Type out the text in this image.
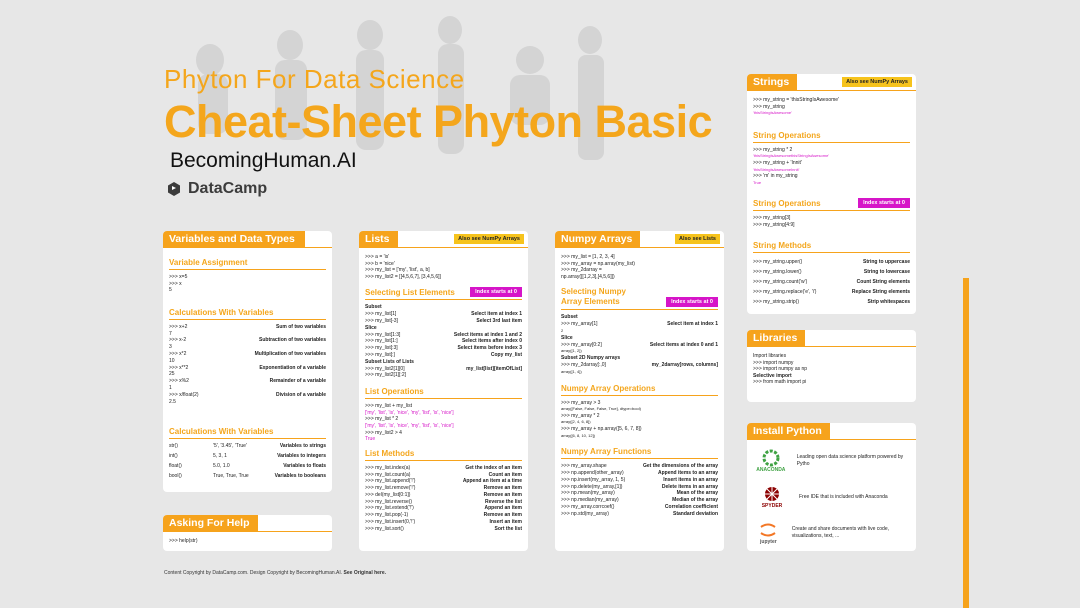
Phyton For Data Science
Cheat-Sheet Phyton Basic
BecomingHuman.AI
DataCamp
Variables and Data Types
Variable Assignment
>>> x=5
>>> x
5
Calculations With Variables
>>> x+2	Sum of two variables
7
>>> x-2	Subtraction of two variables
3
>>> x*2	Multiplication of two variables
10
>>> x**2	Exponentiation of a variable
25
>>> x%2	Remainder of a variable
1
>>> x/float(2)	Division of a variable
2.5
Calculations With Variables
str()	'5', '3.45', 'True'	Variables to strings
int()	5, 3, 1	Variables to integers
float()	5.0, 1.0	Variables to floats
bool()	True, True, True	Variables to booleans
Asking For Help
>>> help(str)
Lists	Also see NumPy Arrays
>>> a = 'is'
>>> b = 'nice'
>>> my_list = ['my', 'list', a, b]
>>> my_list2 = [[4,5,6,7], [3,4,5,6]]
Selecting List Elements	Index starts at 0
Subset
>>> my_list[1]	Select item at index 1
>>> my_list[-3]	Select 3rd last item
Slice
>>> my_list[1:3]	Select items at index 1 and 2
>>> my_list[1:]	Select items after index 0
>>> my_list[:3]	Select items before index 3
>>> my_list[:]	Copy my_list
Subset Lists of Lists
>>> my_list2[1][0]	my_list[list][itemOfList]
>>> my_list2[1][:2]
List Operations
>>> my_list + my_list
['my', 'list', 'is', 'nice', 'my', 'list', 'is', 'nice']
>>> my_list * 2
['my', 'list', 'is', 'nice', 'my', 'list', 'is', 'nice']
>>> my_list2 > 4
True
List Methods
>>> my_list.index(a)	Get the index of an item
>>> my_list.count(a)	Count an item
>>> my_list.append('!')	Append an item at a time
>>> my_list.remove('!')	Remove an item
>>> del(my_list[0:1])	Remove an item
>>> my_list.reverse()	Reverse the list
>>> my_list.extend('!')	Append an item
>>> my_list.pop(-1)	Remove an item
>>> my_list.insert(0,'!')	Insert an item
>>> my_list.sort()	Sort the list
Numpy Arrays	Also see Lists
>>> my_list = [1, 2, 3, 4]
>>> my_array = np.array(my_list)
>>> my_2darray =
np.array([[1,2,3],[4,5,6]])
Selecting Numpy Array Elements	Index starts at 0
Subset
>>> my_array[1]	Select item at index 1
2
Slice
>>> my_array[0:2]	Select items at index 0 and 1
array([1, 2])
Subset 2D Numpy arrays
>>> my_2darray[:,0]	my_2darray[rows, columns]
array([1, 4])
Numpy Array Operations
>>> my_array > 3
array([False, False, False, True], dtype=bool)
>>> my_array * 2
array([2, 4, 6, 8])
>>> my_array + np.array([5, 6, 7, 8])
array([6, 8, 10, 12])
Numpy Array Functions
>>> my_array.shape	Get the dimensions of the array
>>> np.append(other_array)	Append items to an array
>>> np.insert(my_array, 1, 5)	Insert items in an array
>>> np.delete(my_array,[1])	Delete items in an array
>>> np.mean(my_array)	Mean of the array
>>> np.median(my_array)	Median of the array
>>> my_array.corrcoef()	Correlation coefficient
>>> np.std(my_array)	Standard deviation
Strings	Also see NumPy Arrays
>>> my_string = 'thisStringIsAwesome'
>>> my_string
'thisStringIsAwesome'
String Operations
>>> my_string * 2
'thisStringIsAwesomethisStringIsAwesome'
>>> my_string + 'Innit'
'thisStringIsAwesomeInnit'
>>> 'm' in my_string
True
String Operations	Index starts at 0
>>> my_string[3]
>>> my_string[4:9]
String Methods
>>> my_string.upper()	String to uppercase
>>> my_string.lower()	String to lowercase
>>> my_string.count('w')	Count String elements
>>> my_string.replace('e', 'i')	Replace String elements
>>> my_string.strip()	Strip whitespaces
Libraries
Import libraries
>>> import numpy
>>> import numpy as np
Selective import
>>> from math import pi
Install Python
ANACONDA
Leading open data science platform powered by Pytho
SPYDER
Free IDE that is included with Anaconda
jupyter
Create and share documents with live code, visualizations, text, ...
Content Copyright by DataCamp.com. Design Copyright by BecomingHuman.AI. See Original here.
